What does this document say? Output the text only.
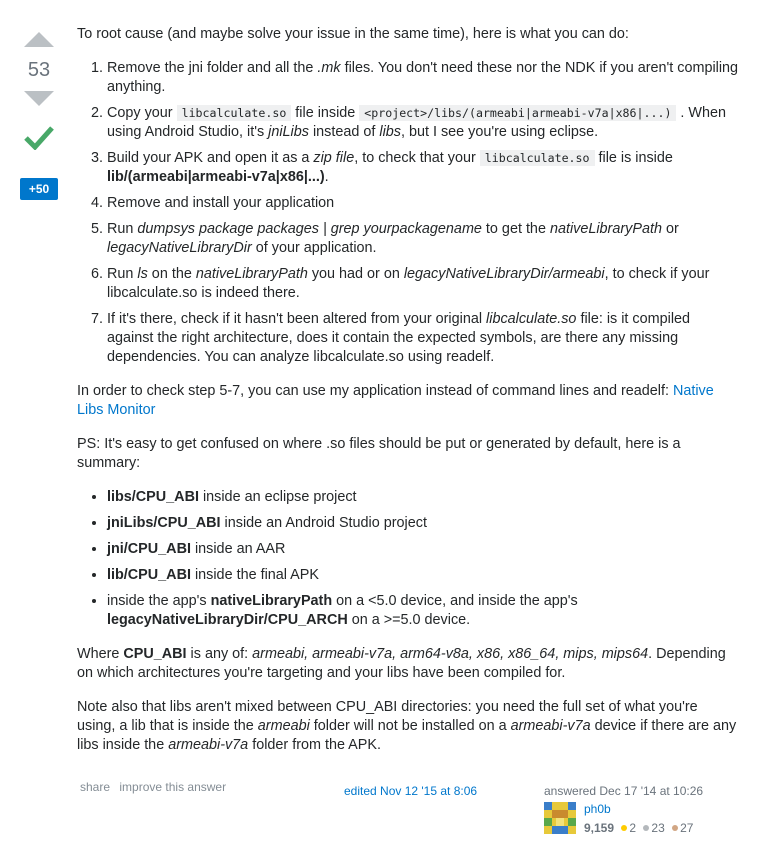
53
+50

To root cause (and maybe solve your issue in the same time), here is what you can do:

1. Remove the jni folder and all the .mk files. You don't need these nor the NDK if you aren't compiling anything.
2. Copy your libcalculate.so file inside <project>/libs/(armeabi|armeabi-v7a|x86|...) . When using Android Studio, it's jniLibs instead of libs, but I see you're using eclipse.
3. Build your APK and open it as a zip file, to check that your libcalculate.so file is inside lib/(armeabi|armeabi-v7a|x86|...).
4. Remove and install your application
5. Run dumpsys package packages | grep yourpackagename to get the nativeLibraryPath or legacyNativeLibraryDir of your application.
6. Run ls on the nativeLibraryPath you had or on legacyNativeLibraryDir/armeabi, to check if your libcalculate.so is indeed there.
7. If it's there, check if it hasn't been altered from your original libcalculate.so file: is it compiled against the right architecture, does it contain the expected symbols, are there any missing dependencies. You can analyze libcalculate.so using readelf.

In order to check step 5-7, you can use my application instead of command lines and readelf: Native Libs Monitor

PS: It's easy to get confused on where .so files should be put or generated by default, here is a summary:

• libs/CPU_ABI inside an eclipse project
• jniLibs/CPU_ABI inside an Android Studio project
• jni/CPU_ABI inside an AAR
• lib/CPU_ABI inside the final APK
• inside the app's nativeLibraryPath on a <5.0 device, and inside the app's legacyNativeLibraryDir/CPU_ARCH on a >=5.0 device.

Where CPU_ABI is any of: armeabi, armeabi-v7a, arm64-v8a, x86, x86_64, mips, mips64. Depending on which architectures you're targeting and your libs have been compiled for.

Note also that libs aren't mixed between CPU_ABI directories: you need the full set of what you're using, a lib that is inside the armeabi folder will not be installed on a armeabi-v7a device if there are any libs inside the armeabi-v7a folder from the APK.

share improve this answer	edited Nov 12 '15 at 8:06	answered Dec 17 '14 at 10:26
ph0b
9,159 2 23 27
